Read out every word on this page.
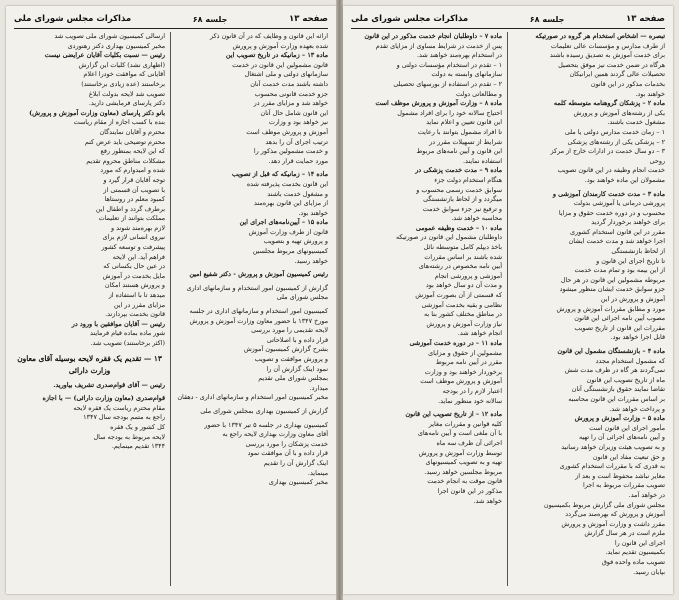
صفحه ۱۳
جلسه ۶۸
مذاکرات مجلس شورای ملی
ارائه این قانون و وظایف که در آن قانون ذکر
شده بعهده وزارت آموزش و پرورش
ماده ۱۳ – زمانیکه در تاریخ تصویب این
قانون مشمولین این قانون در خدمت
سازمانهای دولتی و ملی اشتغال
داشته باشند مدت خدمت آنان
جزو خدمت قانونی محسوب
خواهد شد و مزایای مقرر در
این قانون شامل حال آنان
نیز خواهد بود و وزارت
آموزش و پرورش موظف است
ترتیب اجرای آن را بدهد
و خدمت مشمولین مذکور را
مورد حمایت قرار دهد.
ماده ۱۴ – زمانیکه که قبل از تصویب
این قانون بخدمت پذیرفته شده
و مشغول خدمت باشند
از مزایای این قانون بهره‌مند
خواهند بود.
ماده ۱۵ – آیین‌نامه‌های اجرای این
قانون از طرف وزارت آموزش
و پرورش تهیه و بتصویب
کمیسیونهای مربوط مجلسین
خواهد رسید.
رئیس کمیسیون آموزش و پرورش - دکتر شفیع امین
گزارش از کمیسیون امور استخدام و سازمانهای اداری
مجلس شورای ملی
کمیسیون امور استخدام و سازمانهای اداری در جلسه
مورخ ۱۳۴۷ با حضور معاون وزارت آموزش و پرورش
لایحه تقدیمی را مورد بررسی
قرار داده و با اصلاحاتی
بشرح گزارش کمیسیون آموزش
و پرورش موافقت و تصویب
نمود اینک گزارش آن را
بمجلس شورای ملی تقدیم
میدارد.
مخبر کمیسیون امور استخدام و سازمانهای اداری - دهقان
گزارش از کمیسیون بهداری بمجلس شورای ملی
کمیسیون بهداری در جلسه ۵ تیر ۱۳۴۷ با حضور
آقای معاون وزارت بهداری لایحه راجع به
خدمت پزشکان را مورد بررسی
قرار داده و با آن موافقت نمود
اینک گزارش آن را تقدیم
مینماید.
مخبر کمیسیون بهداری
ارسالی کمیسیون شورای ملی تصویب شد
مخبر کمیسیون بهداری دکتر رهنوردی
رئیس — نسبت بکلیات آقایان عرایضی نیست
(اظهاری نشد) کلیات این گزارش
آقایانی که موافقت خودرا اعلام
برخاستند (عده زیادی برخاستند)
تصویب شد لایحه بدولت ابلاغ
دکتر پارسای فرمایشی دارید.
بانو دکتر پارسای (معاون وزارت آموزش و پرورش)
بنده با کسب اجازه از مقام ریاست
محترم و آقایان نمایندگان
محترم توضیحی باید عرض کنم
که این لایحه بمنظور رفع
مشکلات مناطق محروم تقدیم
شده و امیدوارم که مورد
توجه آقایان قرار گیرد و
با تصویب آن قسمتی از
کمبود معلم در روستاها
برطرف گردد و اطفال این
مملکت بتوانند از تعلیمات
لازم بهره‌مند شوند و
نیروی انسانی لازم برای
پیشرفت و توسعه کشور
فراهم آید. این لایحه
در عین حال بکسانی که
مایل بخدمت در آموزش
و پرورش هستند امکان
میدهد تا با استفاده از
مزایای مقرر در این
قانون بخدمت بپردازند.
رئیس — آقایان موافقین با ورود در
شور ماده بماده قیام فرمایند
(اکثر برخاستند) تصویب شد.
۱۳ — تقدیم یک فقره لایحه بوسیله آقای معاون
وزارت دارائی
رئیس — آقای قوام‌صدری تشریف بیاورید.
قوام‌صدری (معاون وزارت دارائی) — با اجازه
مقام محترم ریاست یک فقره لایحه
راجع به متمم بودجه سال ۱۳۴۷
کل کشور و یک فقره
لایحه مربوط به بودجه سال
۱۳۴۴ تقدیم مینمایم.
صفحه ۱۳
جلسه ۶۸
مذاکرات مجلس شورای ملی
تبصره — اشخاص استخدام هر گروه در صورتیکه
از طرف مدارس و مؤسسات عالی تعلیمات
برای خدمت آموزش به تصدیق رسیده باشند
هرگاه در ضمن خدمت نیز موفق بتحصیل
تحصیلات عالی گردند همین ایرانیکان
بخدمات مذکور در این قانون
خواهند بود.
ماده ۲ – پزشکان گروهنامه متوسطه کلمه
یکی از رشته‌های آموزش و پرورش
مشغول خدمت باشند.
۱ – زمان خدمت مدارس دولتی یا ملی
۲ – پزشکی یکی از رشته‌های پزشکی
۳ – دو سال خدمت در ادارات خارج از مرکز
روحی
خدمت انجام وظیفه در این قانون تصویب
مشمولان این ماده خواهند بود.
ماده ۳ – مدت خدمت کارمندان آموزشی و
پرورشی درمانی یا آموزشی بدولت
محسوب و در دوره خدمت حقوق و مزایا
برای خواهند برخوردار گردید
مقرر در این قانون استخدام کشوری
اجرا خواهد شد و مدت خدمت ایشان
از لحاظ بازنشستگی
تا تاریخ اجرای این قانون و
از این بیمه بود و تمام مدت خدمت
مربوطه مشمولین این قانون در هر حال
جزو سوابق خدمت ایشان منظور میشود
آموزش و پرورش در این
مورد و مطابق مقررات آموزش و پرورش
مصوب آیین نامه اجرائی این قانون
مقررات این قانون از تاریخ تصویب
قابل اجرا خواهد بود.
ماده ۴ – بازنشستگان مشمول این قانون
که مشمول استخدام مجدد
نمی‌گردند هر گاه در ظرف مدت شش
ماه از تاریخ تصویب این قانون
تقاضا نمایند حقوق بازنشستگی آنان
بر اساس مقررات این قانون محاسبه
و پرداخت خواهد شد.
ماده ۵ – وزارت آموزش و پرورش
مأمور اجرای این قانون است
و آیین نامه‌های اجرائی آن را تهیه
و به تصویب هیئت وزیران خواهد رسانید
و حق تبعیت مفاد این قانون
به قدری که با مقررات استخدام کشوری
مغایر نباشد محفوظ است و بعد از
تصویب مقررات مربوط به اجرا
در خواهد آمد.
مجلس شورای ملی گزارش مربوط بکمیسیون
آموزش و پرورش که بهره‌مند می‌گردد
مقرر داشت و وزارت آموزش و پرورش
ملزم است در هر سال گزارش
اجرای این قانون را
بکمیسیون تقدیم نماید.
تصویب ماده واحده فوق
بپایان رسید.
ماده ۷ – داوطلبان انجام خدمت مذکور در این قانون
پس از خدمت در شرایط مساوی از مزایای تقدم
در استخدام بهره‌مند خواهند شد.
۱ – تقدم در استخدام مؤسسات دولتی و
سازمانهای وابسته به دولت
۲ – تقدم در استفاده از بورسهای تحصیلی
و مطالعاتی دولت
ماده ۸ – وزارت آموزش و پرورش موظف است
احتیاج سالانه خود را برای افراد مشمول
این قانون تعیین و اعلام نماید
تا افراد مشمول بتوانند با رعایت
شرایط از تسهیلات مقرر در
این قانون و آیین نامه‌های مربوط
استفاده نمایند.
ماده ۹ – مدت خدمت پزشکی در
هنگام استخدام دولت جزء
سوابق خدمت رسمی محسوب و
میگردد و از لحاظ بازنشستگی
و ترفیع نیز جزء سوابق خدمت
محاسبه خواهد شد.
ماده ۱۰ – خدمت وظیفه عمومی
داوطلبان مشمول این قانون در صورتیکه
باخذ دیپلم کامل متوسطه نائل
شده باشند بر اساس مقررات
آیین نامه مخصوص در رشته‌های
آموزشی و پرورشی انجام
و مدت آن دو سال خواهد بود
که قسمتی از آن بصورت آموزش
نظامی و بقیه بخدمت آموزشی
در مناطق مختلف کشور بنا به
نیاز وزارت آموزش و پرورش
انجام خواهد شد.
ماده ۱۱ – در دوره خدمت آموزشی
مشمولین از حقوق و مزایای
مقرر در آیین نامه مربوط
برخوردار خواهند بود و وزارت
آموزش و پرورش موظف است
اعتبار لازم را در بودجه
سالانه خود منظور نماید.
ماده ۱۲ – از تاریخ تصویب این قانون
کلیه قوانین و مقررات مغایر
با آن ملغی است و آیین نامه‌های
اجرائی آن ظرف سه ماه
توسط وزارت آموزش و پرورش
تهیه و به تصویب کمیسیونهای
مربوط مجلسین خواهد رسید.
قانون موقت به انجام خدمت
مذکور در این قانون اجرا
خواهد شد.
